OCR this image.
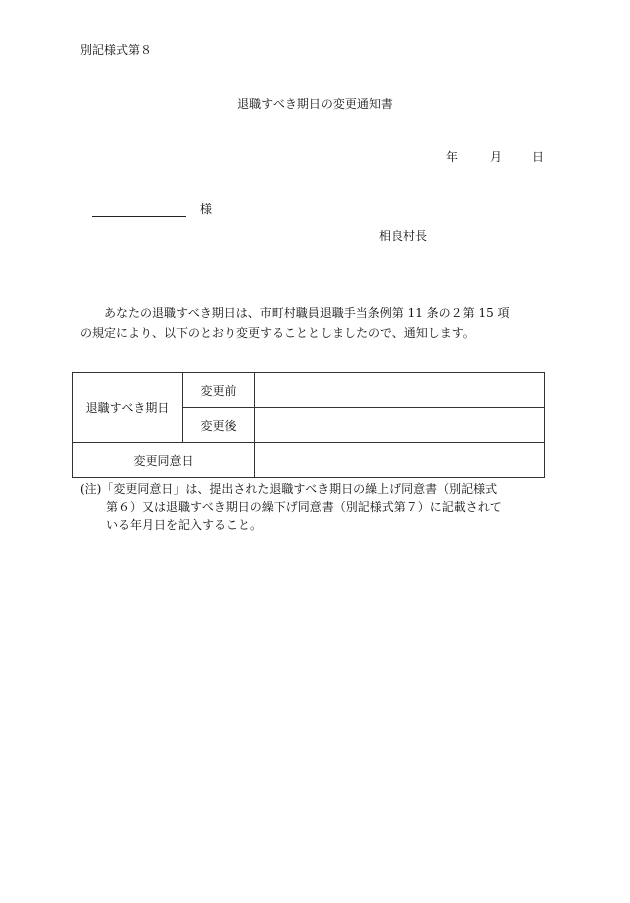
別記様式第８
退職すべき期日の変更通知書
年	月 日
様
相良村長

あなたの退職すべき期日は、市町村職員退職手当条例第 11 条の２第 15 項

の規定により、以下のとおり変更することとしましたので、通知します。

退職すべき期日	変更前	
	変更後	
変更同意日		
(注)「変更同意日」は、提出された退職すべき期日の繰上げ同意書（別記様式
第６）又は退職すべき期日の繰下げ同意書（別記様式第７）に記載されて
いる年月日を記入すること。
